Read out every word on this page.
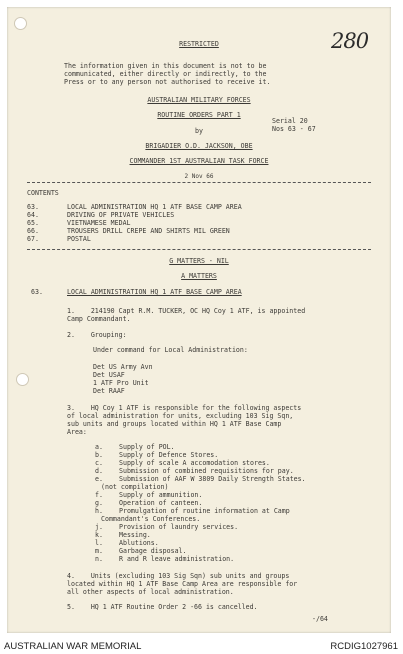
280
RESTRICTED
The information given in this document is not to be
communicated, either directly or indirectly, to the
Press or to any person not authorised to receive it.
AUSTRALIAN MILITARY FORCES
ROUTINE ORDERS PART 1
Serial 20
Nos 63 - 67
by
BRIGADIER O.D. JACKSON, OBE
COMMANDER 1ST AUSTRALIAN TASK FORCE
2 Nov 66
CONTENTS
63.	LOCAL ADMINISTRATION HQ 1 ATF BASE CAMP AREA
64.	DRIVING OF PRIVATE VEHICLES
65.	VIETNAMESE MEDAL
66.	TROUSERS DRILL CREPE AND SHIRTS MIL GREEN
67.	POSTAL
G MATTERS - NIL
A MATTERS
63.	LOCAL ADMINISTRATION HQ 1 ATF BASE CAMP AREA
1.    214190 Capt R.M. TUCKER, OC HQ Coy 1 ATF, is appointed
Camp Commandant.
2.    Grouping:
Under command for Local Administration:
Det US Army Avn
Det USAF
1 ATF Pro Unit
Det RAAF
3.    HQ Coy 1 ATF is responsible for the following aspects
of local administration for units, excluding 103 Sig Sqn,
sub units and groups located within HQ 1 ATF Base Camp
Area:
a. Supply of POL.
b. Supply of Defence Stores.
c. Supply of scale A accomodation stores.
d. Submission of combined requisitions for pay.
e. Submission of AAF W 3809 Daily Strength States.
(not compilation)
f. Supply of ammunition.
g. Operation of canteen.
h. Promulgation of routine information at Camp
Commandant's Conferences.
j. Provision of laundry services.
k. Messing.
l. Ablutions.
m. Garbage disposal.
n. R and R leave administration.
4.    Units (excluding 103 Sig Sqn) sub units and groups
located within HQ 1 ATF Base Camp Area are responsible for
all other aspects of local administration.
5.    HQ 1 ATF Routine Order 2 -66 is cancelled.
-/64
AUSTRALIAN WAR MEMORIAL	RCDIG1027961
